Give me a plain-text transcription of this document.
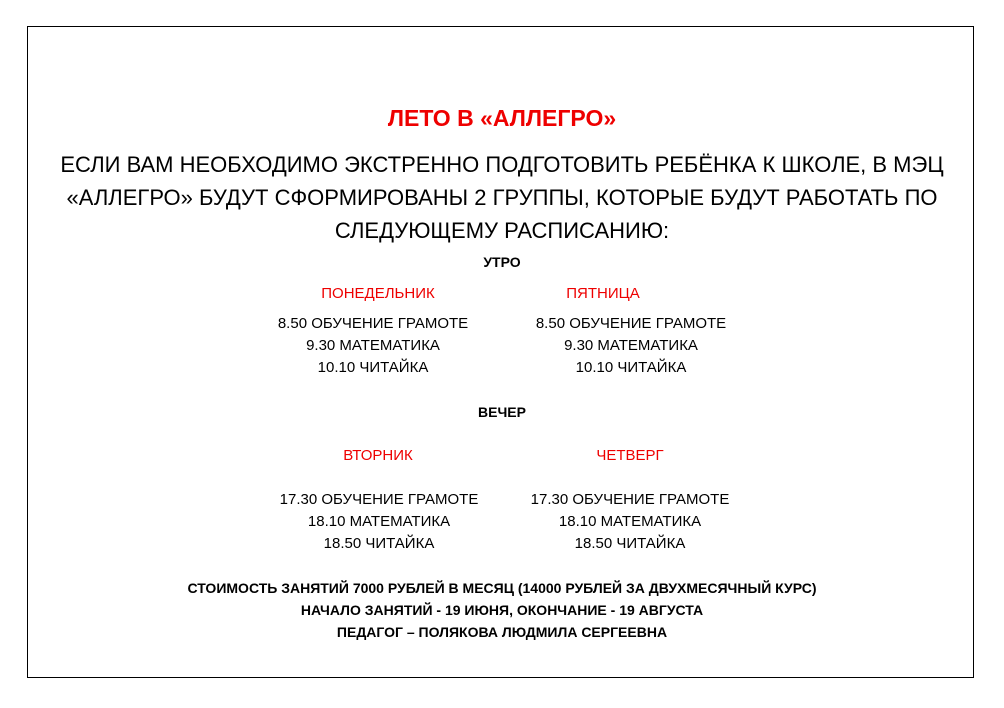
ЛЕТО В «АЛЛЕГРО»
ЕСЛИ ВАМ НЕОБХОДИМО ЭКСТРЕННО ПОДГОТОВИТЬ РЕБЁНКА К ШКОЛЕ, В МЭЦ
«АЛЛЕГРО» БУДУТ СФОРМИРОВАНЫ 2 ГРУППЫ, КОТОРЫЕ БУДУТ РАБОТАТЬ ПО
СЛЕДУЮЩЕМУ РАСПИСАНИЮ:
УТРО
ПОНЕДЕЛЬНИК	ПЯТНИЦА
8.50 ОБУЧЕНИЕ ГРАМОТЕ
9.30 МАТЕМАТИКА
10.10 ЧИТАЙКА
8.50 ОБУЧЕНИЕ ГРАМОТЕ
9.30 МАТЕМАТИКА
10.10 ЧИТАЙКА
ВЕЧЕР
ВТОРНИК	ЧЕТВЕРГ
17.30 ОБУЧЕНИЕ ГРАМОТЕ
18.10 МАТЕМАТИКА
18.50 ЧИТАЙКА
17.30 ОБУЧЕНИЕ ГРАМОТЕ
18.10 МАТЕМАТИКА
18.50 ЧИТАЙКА
СТОИМОСТЬ ЗАНЯТИЙ 7000 РУБЛЕЙ В МЕСЯЦ (14000 РУБЛЕЙ ЗА ДВУХМЕСЯЧНЫЙ КУРС)
НАЧАЛО ЗАНЯТИЙ - 19 ИЮНЯ, ОКОНЧАНИЕ - 19 АВГУСТА
ПЕДАГОГ – ПОЛЯКОВА ЛЮДМИЛА СЕРГЕЕВНА
